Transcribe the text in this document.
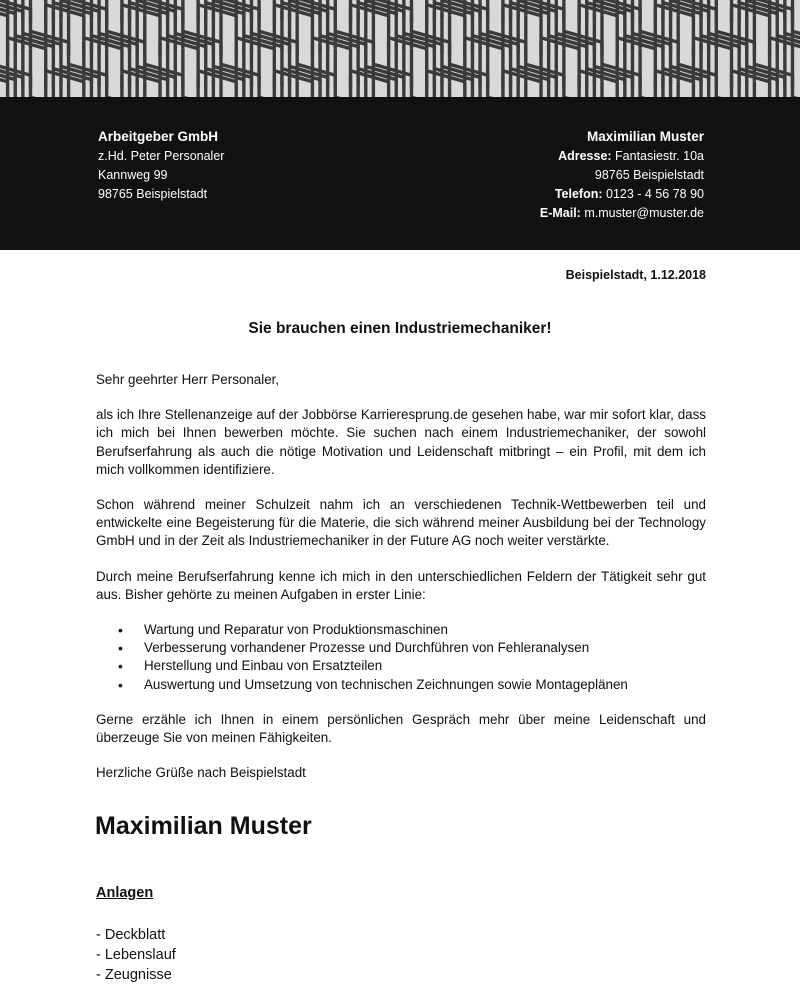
Arbeitgeber GmbH
z.Hd. Peter Personaler
Kannweg 99
98765 Beispielstadt
Maximilian Muster
Adresse: Fantasiestr. 10a
98765 Beispielstadt
Telefon: 0123 - 4 56 78 90
E-Mail: m.muster@muster.de
Beispielstadt, 1.12.2018
Sie brauchen einen Industriemechaniker!

Sehr geehrter Herr Personaler,

als ich Ihre Stellenanzeige auf der Jobbörse Karrieresprung.de gesehen habe, war mir sofort klar, dass ich mich bei Ihnen bewerben möchte. Sie suchen nach einem Industriemechaniker, der sowohl Berufserfahrung als auch die nötige Motivation und Leidenschaft mitbringt – ein Profil, mit dem ich mich vollkommen identifiziere.

Schon während meiner Schulzeit nahm ich an verschiedenen Technik-Wettbewerben teil und entwickelte eine Begeisterung für die Materie, die sich während meiner Ausbildung bei der Technology GmbH und in der Zeit als Industriemechaniker in der Future AG noch weiter verstärkte.

Durch meine Berufserfahrung kenne ich mich in den unterschiedlichen Feldern der Tätigkeit sehr gut aus. Bisher gehörte zu meinen Aufgaben in erster Linie:

• Wartung und Reparatur von Produktionsmaschinen
• Verbesserung vorhandener Prozesse und Durchführen von Fehleranalysen
• Herstellung und Einbau von Ersatzteilen
• Auswertung und Umsetzung von technischen Zeichnungen sowie Montageplänen

Gerne erzähle ich Ihnen in einem persönlichen Gespräch mehr über meine Leidenschaft und überzeuge Sie von meinen Fähigkeiten.

Herzliche Grüße nach Beispielstadt

Maximilian Muster
Anlagen
- Deckblatt
- Lebenslauf
- Zeugnisse
